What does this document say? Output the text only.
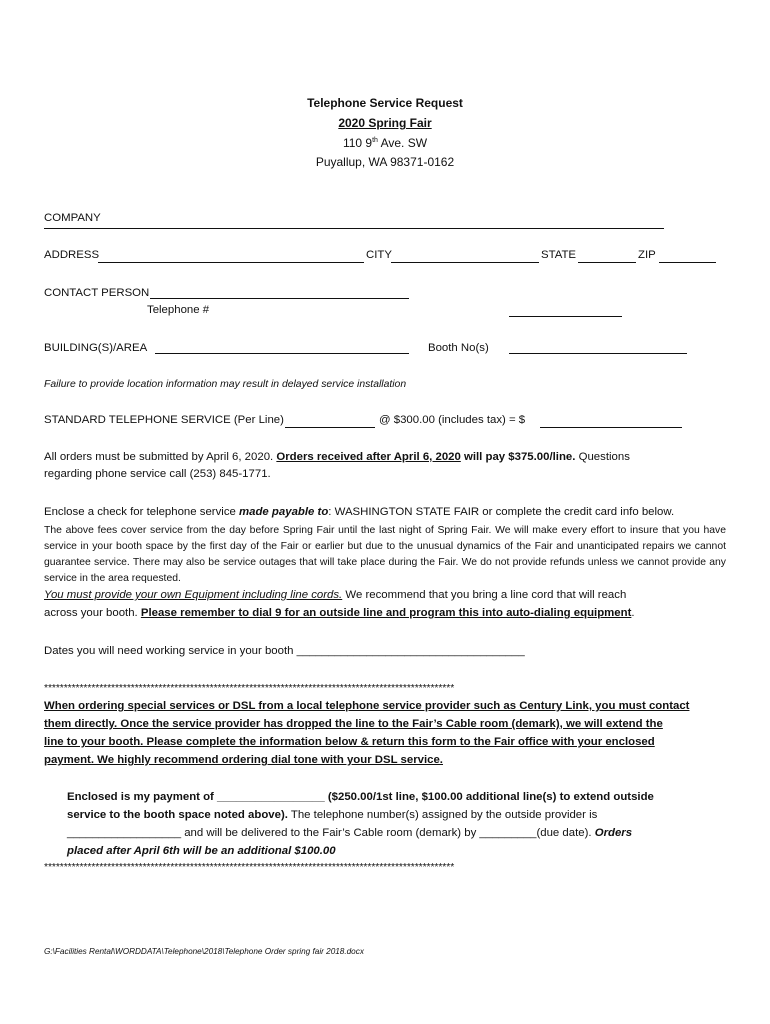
Telephone Service Request
2020 Spring Fair
110 9th Ave. SW
Puyallup, WA 98371-0162
COMPANY
ADDRESS	CITY	STATE	ZIP
CONTACT PERSON
Telephone #
BUILDING(S)/AREA	Booth No(s)
Failure to provide location information may result in delayed service installation
STANDARD TELEPHONE SERVICE (Per Line)	@ $300.00 (includes tax) = $
All orders must be submitted by April 6, 2020. Orders received after April 6, 2020 will pay $375.00/line. Questions
regarding phone service call (253) 845-1771.
Enclose a check for telephone service made payable to: WASHINGTON STATE FAIR or complete the credit card info below.
The above fees cover service from the day before Spring Fair until the last night of Spring Fair. We will make every effort to insure that you have service in your booth space by the first day of the Fair or earlier but due to the unusual dynamics of the Fair and unanticipated repairs we cannot guarantee service. There may also be service outages that will take place during the Fair. We do not provide refunds unless we cannot provide any service in the area requested.
You must provide your own Equipment including line cords. We recommend that you bring a line cord that will reach
across your booth. Please remember to dial 9 for an outside line and program this into auto-dialing equipment.
Dates you will need working service in your booth ____________________________________
********************************************************************************************************
When ordering special services or DSL from a local telephone service provider such as Century Link, you must contact
them directly. Once the service provider has dropped the line to the Fair’s Cable room (demark), we will extend the
line to your booth. Please complete the information below & return this form to the Fair office with your enclosed
payment. We highly recommend ordering dial tone with your DSL service.
Enclosed is my payment of _________________ ($250.00/1st line, $100.00 additional line(s) to extend outside
service to the booth space noted above). The telephone number(s) assigned by the outside provider is
__________________ and will be delivered to the Fair’s Cable room (demark) by _________(due date). Orders
placed after April 6th will be an additional $100.00
********************************************************************************************************
G:\Facilities Rental\WORDDATA\Telephone\2018\Telephone Order spring fair 2018.docx
